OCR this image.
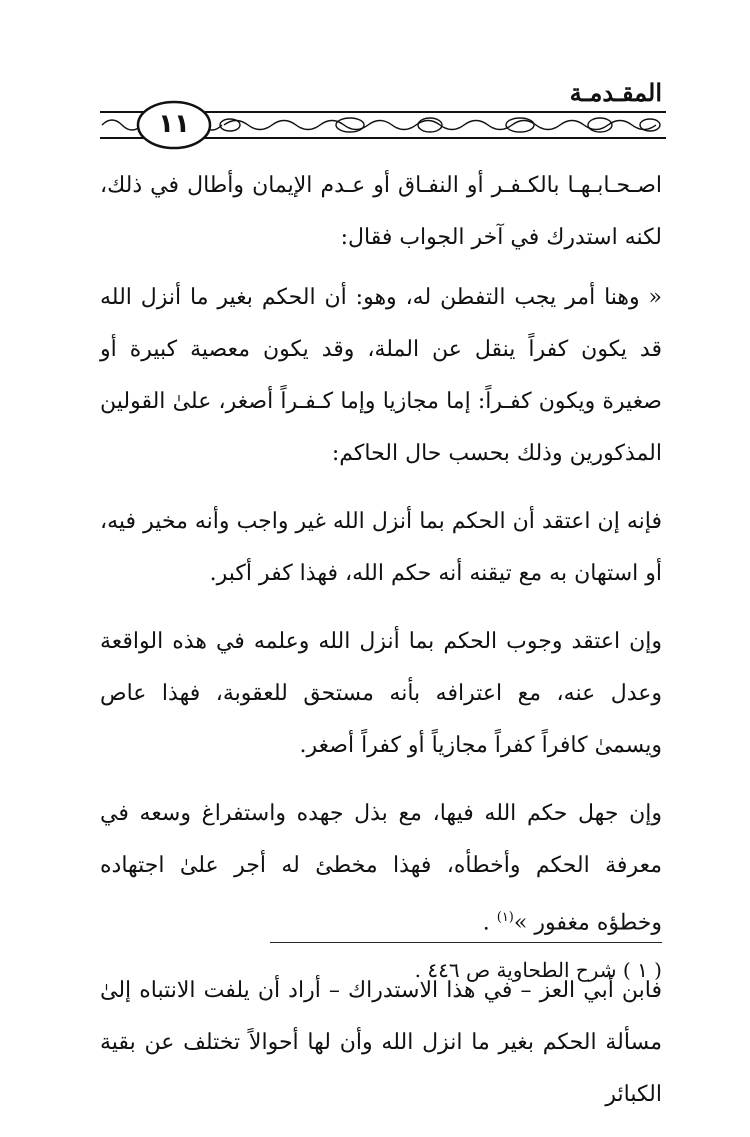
المقـدمـة
١١

اصـحـابـهـا بالكـفـر أو النفـاق أو عـدم الإيمان وأطال في ذلك، لكنه استدرك في آخر الجواب فقال:

« وهنا أمر يجب التفطن له، وهو: أن الحكم بغير ما أنزل الله قد يكون كفراً ينقل عن الملة، وقد يكون معصية كبيرة أو صغيرة ويكون كفـراً: إما مجازيا وإما كـفـراً أصغر، علىٰ القولين المذكورين وذلك بحسب حال الحاكم:

فإنه إن اعتقد أن الحكم بما أنزل الله غير واجب وأنه مخير فيه، أو استهان به مع تيقنه أنه حكم الله، فهذا كفر أكبر.

وإن اعتقد وجوب الحكم بما أنزل الله وعلمه في هذه الواقعة وعدل عنه، مع اعترافه بأنه مستحق للعقوبة، فهذا عاص ويسمىٰ كافراً كفراً مجازياً أو كفراً أصغر.

وإن جهل حكم الله فيها، مع بذل جهده واستفراغ وسعه في معرفة الحكم وأخطأه، فهذا مخطئ له أجر علىٰ اجتهاده وخطؤه مغفور »$^{(١)}$ .

فابن أبي العز – في هذا الاستدراك – أراد أن يلفت الانتباه إلىٰ مسألة الحكم بغير ما انزل الله وأن لها أحوالاً تختلف عن بقية الكبائر

( ١ ) شرح الطحاوية ص ٤٤٦ .
